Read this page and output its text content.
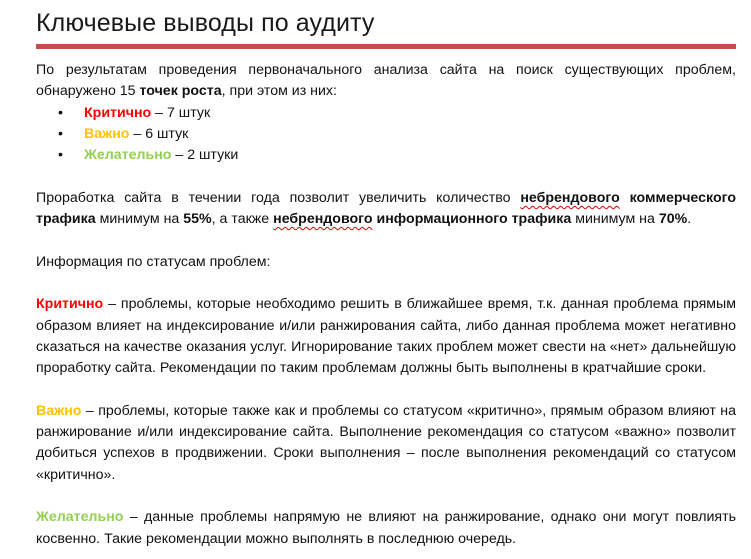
Ключевые выводы по аудиту

По результатам проведения первоначального анализа сайта на поиск существующих проблем, обнаружено 15 точек роста, при этом из них:

• Критично – 7 штук
• Важно – 6 штук
• Желательно – 2 штуки

Проработка сайта в течении года позволит увеличить количество небрендового коммерческого трафика минимум на 55%, а также небрендового информационного трафика минимум на 70%.

Информация по статусам проблем:

Критично – проблемы, которые необходимо решить в ближайшее время, т.к. данная проблема прямым образом влияет на индексирование и/или ранжирования сайта, либо данная проблема может негативно сказаться на качестве оказания услуг. Игнорирование таких проблем может свести на «нет» дальнейшую проработку сайта. Рекомендации по таким проблемам должны быть выполнены в кратчайшие сроки.

Важно – проблемы, которые также как и проблемы со статусом «критично», прямым образом влияют на ранжирование и/или индексирование сайта. Выполнение рекомендация со статусом «важно» позволит добиться успехов в продвижении. Сроки выполнения – после выполнения рекомендаций со статусом «критично».

Желательно – данные проблемы напрямую не влияют на ранжирование, однако они могут повлиять косвенно. Такие рекомендации можно выполнять в последнюю очередь.
